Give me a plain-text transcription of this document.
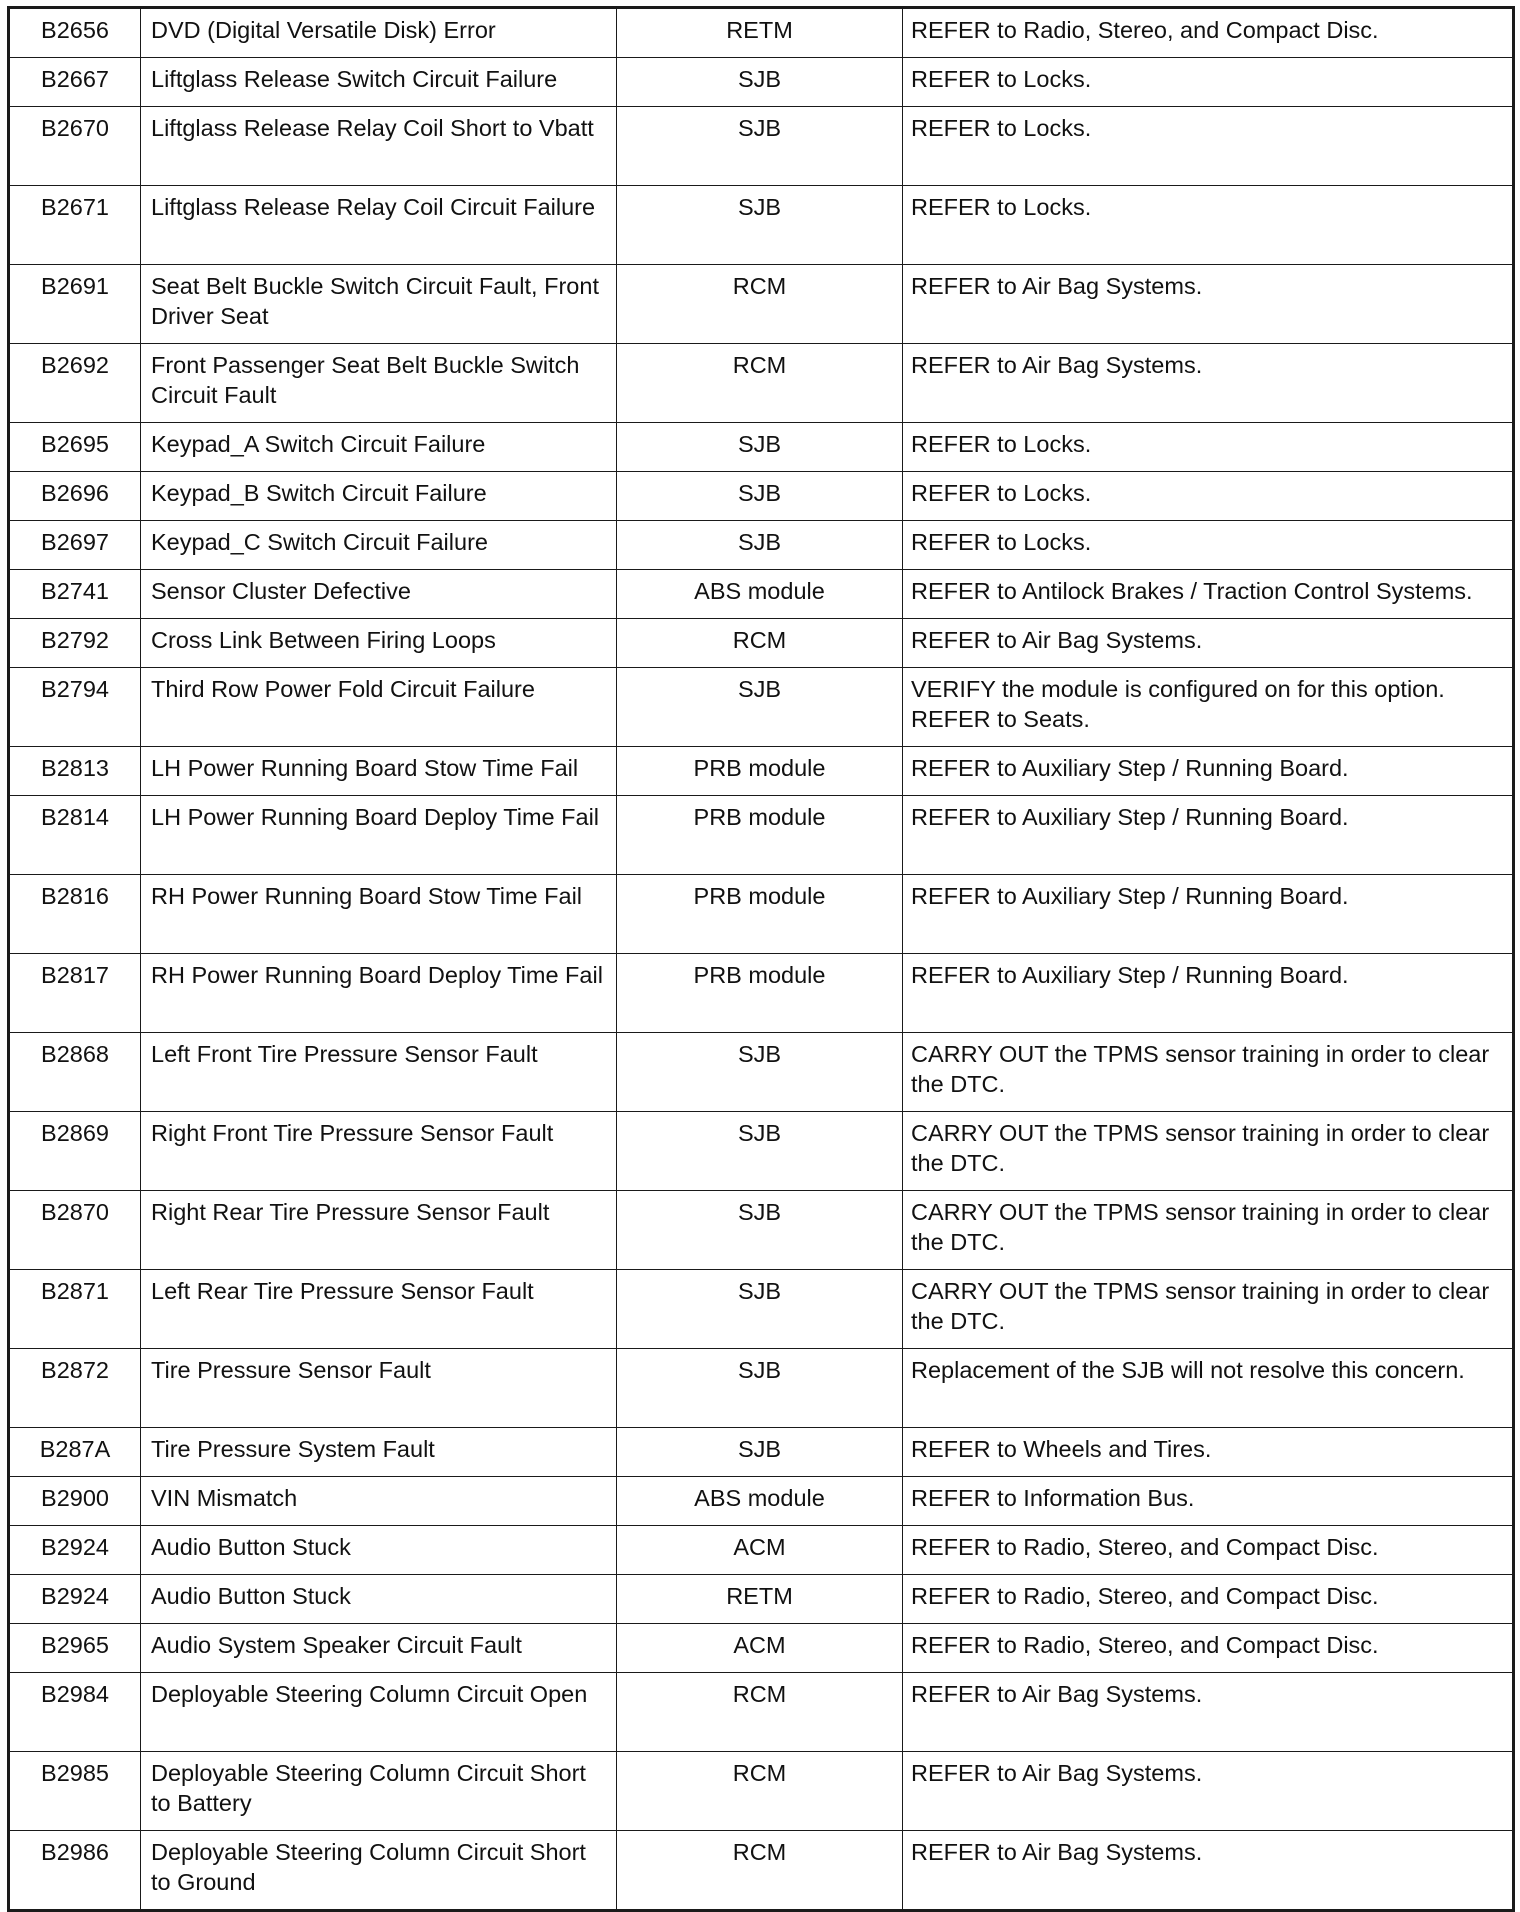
B2656	DVD (Digital Versatile Disk) Error	RETM	REFER to Radio, Stereo, and Compact Disc.
B2667	Liftglass Release Switch Circuit Failure	SJB	REFER to Locks.
B2670	Liftglass Release Relay Coil Short to Vbatt	SJB	REFER to Locks.
B2671	Liftglass Release Relay Coil Circuit Failure	SJB	REFER to Locks.
B2691	Seat Belt Buckle Switch Circuit Fault, Front Driver Seat	RCM	REFER to Air Bag Systems.
B2692	Front Passenger Seat Belt Buckle Switch Circuit Fault	RCM	REFER to Air Bag Systems.
B2695	Keypad_A Switch Circuit Failure	SJB	REFER to Locks.
B2696	Keypad_B Switch Circuit Failure	SJB	REFER to Locks.
B2697	Keypad_C Switch Circuit Failure	SJB	REFER to Locks.
B2741	Sensor Cluster Defective	ABS module	REFER to Antilock Brakes / Traction Control Systems.
B2792	Cross Link Between Firing Loops	RCM	REFER to Air Bag Systems.
B2794	Third Row Power Fold Circuit Failure	SJB	VERIFY the module is configured on for this option. REFER to Seats.
B2813	LH Power Running Board Stow Time Fail	PRB module	REFER to Auxiliary Step / Running Board.
B2814	LH Power Running Board Deploy Time Fail	PRB module	REFER to Auxiliary Step / Running Board.
B2816	RH Power Running Board Stow Time Fail	PRB module	REFER to Auxiliary Step / Running Board.
B2817	RH Power Running Board Deploy Time Fail	PRB module	REFER to Auxiliary Step / Running Board.
B2868	Left Front Tire Pressure Sensor Fault	SJB	CARRY OUT the TPMS sensor training in order to clear the DTC.
B2869	Right Front Tire Pressure Sensor Fault	SJB	CARRY OUT the TPMS sensor training in order to clear the DTC.
B2870	Right Rear Tire Pressure Sensor Fault	SJB	CARRY OUT the TPMS sensor training in order to clear the DTC.
B2871	Left Rear Tire Pressure Sensor Fault	SJB	CARRY OUT the TPMS sensor training in order to clear the DTC.
B2872	Tire Pressure Sensor Fault	SJB	Replacement of the SJB will not resolve this concern.
B287A	Tire Pressure System Fault	SJB	REFER to Wheels and Tires.
B2900	VIN Mismatch	ABS module	REFER to Information Bus.
B2924	Audio Button Stuck	ACM	REFER to Radio, Stereo, and Compact Disc.
B2924	Audio Button Stuck	RETM	REFER to Radio, Stereo, and Compact Disc.
B2965	Audio System Speaker Circuit Fault	ACM	REFER to Radio, Stereo, and Compact Disc.
B2984	Deployable Steering Column Circuit Open	RCM	REFER to Air Bag Systems.
B2985	Deployable Steering Column Circuit Short to Battery	RCM	REFER to Air Bag Systems.
B2986	Deployable Steering Column Circuit Short to Ground	RCM	REFER to Air Bag Systems.
